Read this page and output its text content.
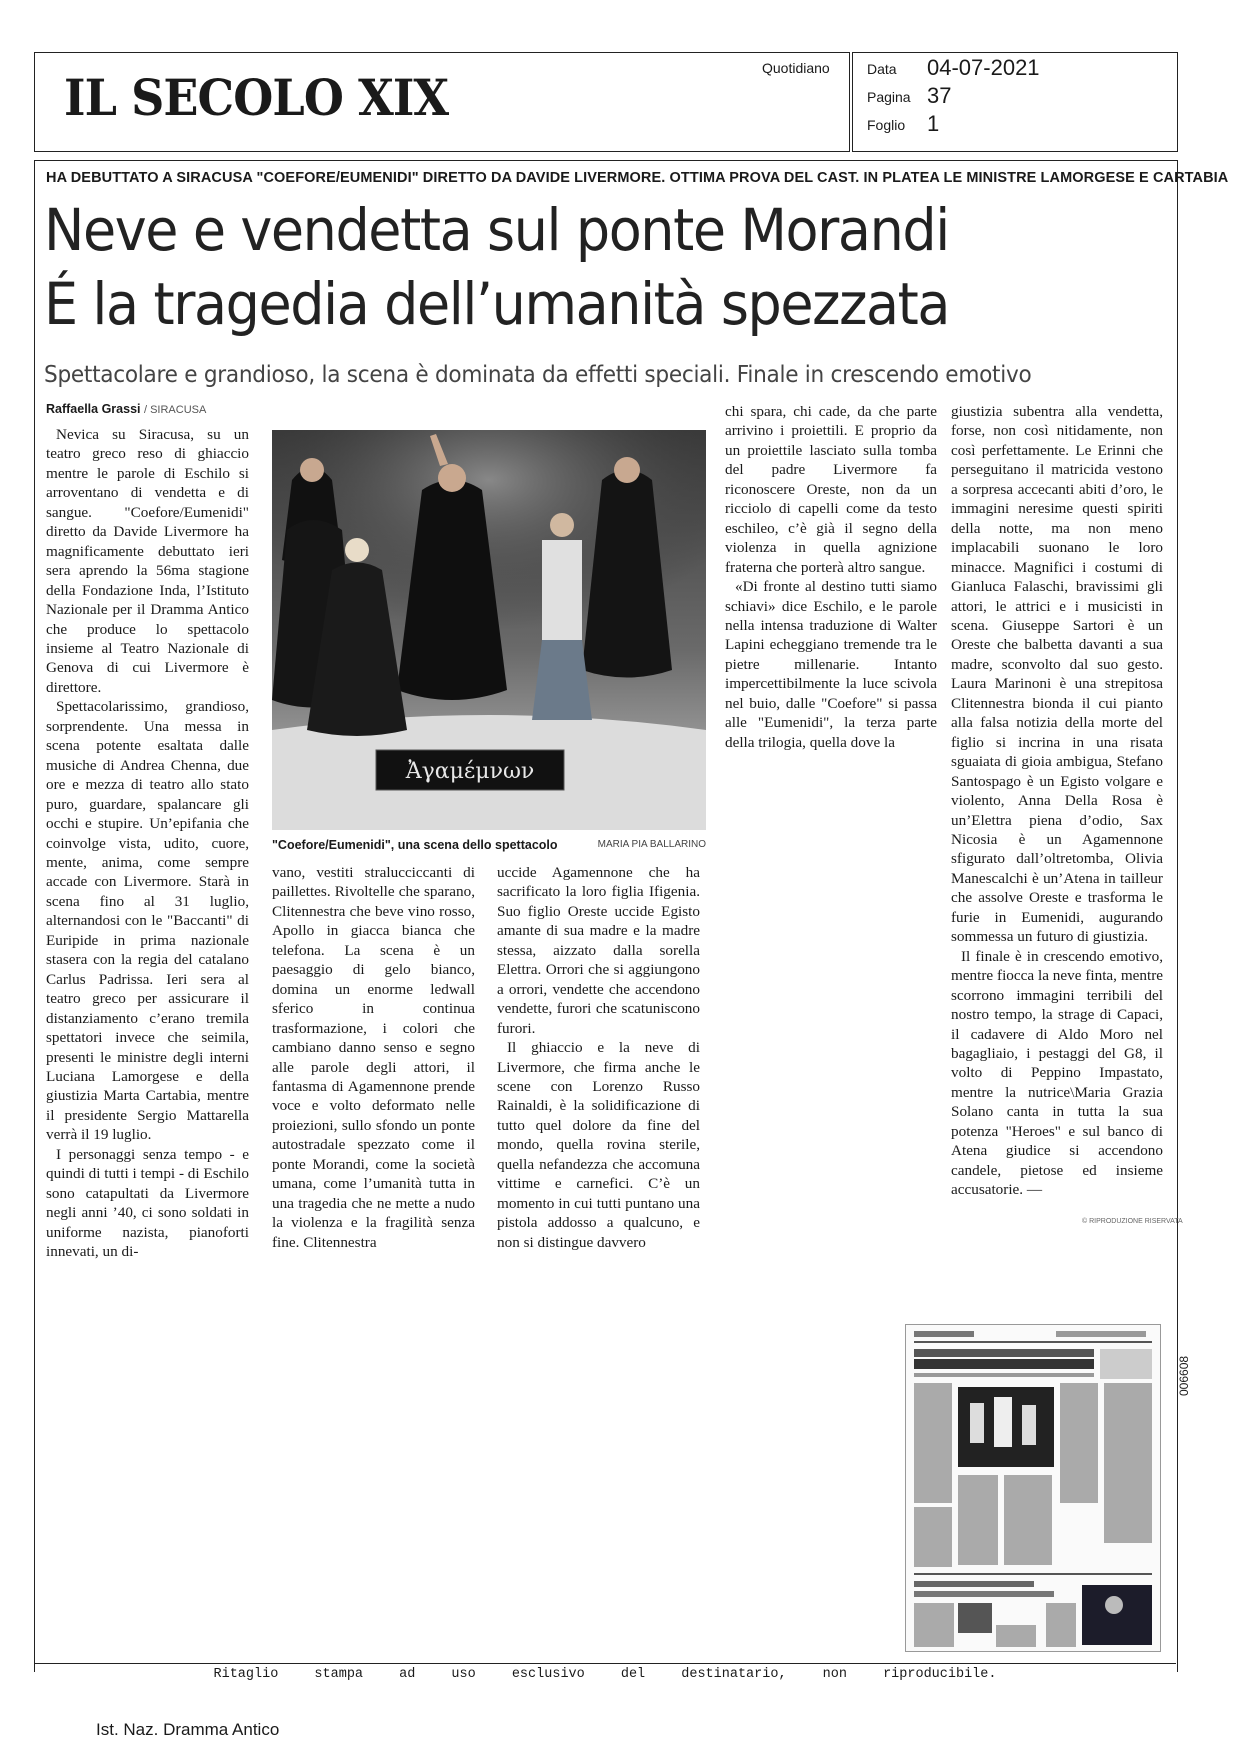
IL SECOLO XIX	Quotidiano	Data 04-07-2021
Pagina 37
Foglio 1
HA DEBUTTATO A SIRACUSA "COEFORE/EUMENIDI" DIRETTO DA DAVIDE LIVERMORE. OTTIMA PROVA DEL CAST. IN PLATEA LE MINISTRE LAMORGESE E CARTABIA
Neve e vendetta sul ponte Morandi
É la tragedia dell’umanità spezzata
Spettacolare e grandioso, la scena è dominata da effetti speciali. Finale in crescendo emotivo
Raffaella Grassi / SIRACUSA

Nevica su Siracusa, su un teatro greco reso di ghiaccio mentre le parole di Eschilo si arroventano di vendetta e di sangue. "Coefore/Eumenidi" diretto da Davide Livermore ha magnificamente debuttato ieri sera aprendo la 56ma stagione della Fondazione Inda, l’Istituto Nazionale per il Dramma Antico che produce lo spettacolo insieme al Teatro Nazionale di Genova di cui Livermore è direttore.

Spettacolarissimo, grandioso, sorprendente. Una messa in scena potente esaltata dalle musiche di Andrea Chenna, due ore e mezza di teatro allo stato puro, guardare, spalancare gli occhi e stupire. Un’epifania che coinvolge vista, udito, cuore, mente, anima, come sempre accade con Livermore. Starà in scena fino al 31 luglio, alternandosi con le "Baccanti" di Euripide in prima nazionale stasera con la regia del catalano Carlus Padrissa. Ieri sera al teatro greco per assicurare il distanziamento c’erano tremila spettatori invece che seimila, presenti le ministre degli interni Luciana Lamorgese e della giustizia Marta Cartabia, mentre il presidente Sergio Mattarella verrà il 19 luglio.

I personaggi senza tempo - e quindi di tutti i tempi - di Eschilo sono catapultati da Livermore negli anni ’40, ci sono soldati in uniforme nazista, pianoforti innevati, un di-

Ἀγαμέμνων
"Coefore/Eumenidi", una scena dello spettacolo	MARIA PIA BALLARINO

vano, vestiti stralucciccanti di paillettes. Rivoltelle che sparano, Clitennestra che beve vino rosso, Apollo in giacca bianca che telefona. La scena è un paesaggio di gelo bianco, domina un enorme ledwall sferico in continua trasformazione, i colori che cambiano danno senso e segno alle parole degli attori, il fantasma di Agamennone prende voce e volto deformato nelle proiezioni, sullo sfondo un ponte autostradale spezzato come il ponte Morandi, come la società umana, come l’umanità tutta in una tragedia che ne mette a nudo la violenza e la fragilità senza fine. Clitennestra

uccide Agamennone che ha sacrificato la loro figlia Ifigenia. Suo figlio Oreste uccide Egisto amante di sua madre e la madre stessa, aizzato dalla sorella Elettra. Orrori che si aggiungono a orrori, vendette che accendono vendette, furori che scatuniscono furori.

Il ghiaccio e la neve di Livermore, che firma anche le scene con Lorenzo Russo Rainaldi, è la solidificazione di tutto quel dolore da fine del mondo, quella rovina sterile, quella nefandezza che accomuna vittime e carnefici. C’è un momento in cui tutti puntano una pistola addosso a qualcuno, e non si distingue davvero

chi spara, chi cade, da che parte arrivino i proiettili. E proprio da un proiettile lasciato sulla tomba del padre Livermore fa riconoscere Oreste, non da un ricciolo di capelli come da testo eschileo, c’è già il segno della violenza in quella agnizione fraterna che porterà altro sangue.

«Di fronte al destino tutti siamo schiavi» dice Eschilo, e le parole nella intensa traduzione di Walter Lapini echeggiano tremende tra le pietre millenarie. Intanto impercettibilmente la luce scivola nel buio, dalle "Coefore" si passa alle "Eumenidi", la terza parte della trilogia, quella dove la

giustizia subentra alla vendetta, forse, non così nitidamente, non così perfettamente. Le Erinni che perseguitano il matricida vestono a sorpresa accecanti abiti d’oro, le immagini neresime questi spiriti della notte, ma non meno implacabili suonano le loro minacce. Magnifici i costumi di Gianluca Falaschi, bravissimi gli attori, le attrici e i musicisti in scena. Giuseppe Sartori è un Oreste che balbetta davanti a sua madre, sconvolto dal suo gesto. Laura Marinoni è una strepitosa Clitennestra bionda il cui pianto alla falsa notizia della morte del figlio si incrina in una risata sguaiata di gioia ambigua, Stefano Santospago è un Egisto volgare e violento, Anna Della Rosa è un’Elettra piena d’odio, Sax Nicosia è un Agamennone sfigurato dall’oltretomba, Olivia Manescalchi è un’Atena in tailleur che assolve Oreste e trasforma le furie in Eumenidi, augurando sommessa un futuro di giustizia.

Il finale è in crescendo emotivo, mentre fiocca la neve finta, mentre scorrono immagini terribili del nostro tempo, la strage di Capaci, il cadavere di Aldo Moro nel bagagliaio, i pestaggi del G8, il volto di Peppino Impastato, mentre la nutrice\Maria Grazia Solano canta in tutta la sua potenza "Heroes" e sul banco di Atena giudice si accendono candele, pietose ed insieme accusatorie. —

© RIPRODUZIONE RISERVATA
006608
Ritaglio stampa ad uso esclusivo del destinatario, non riproducibile.
Ist. Naz. Dramma Antico
